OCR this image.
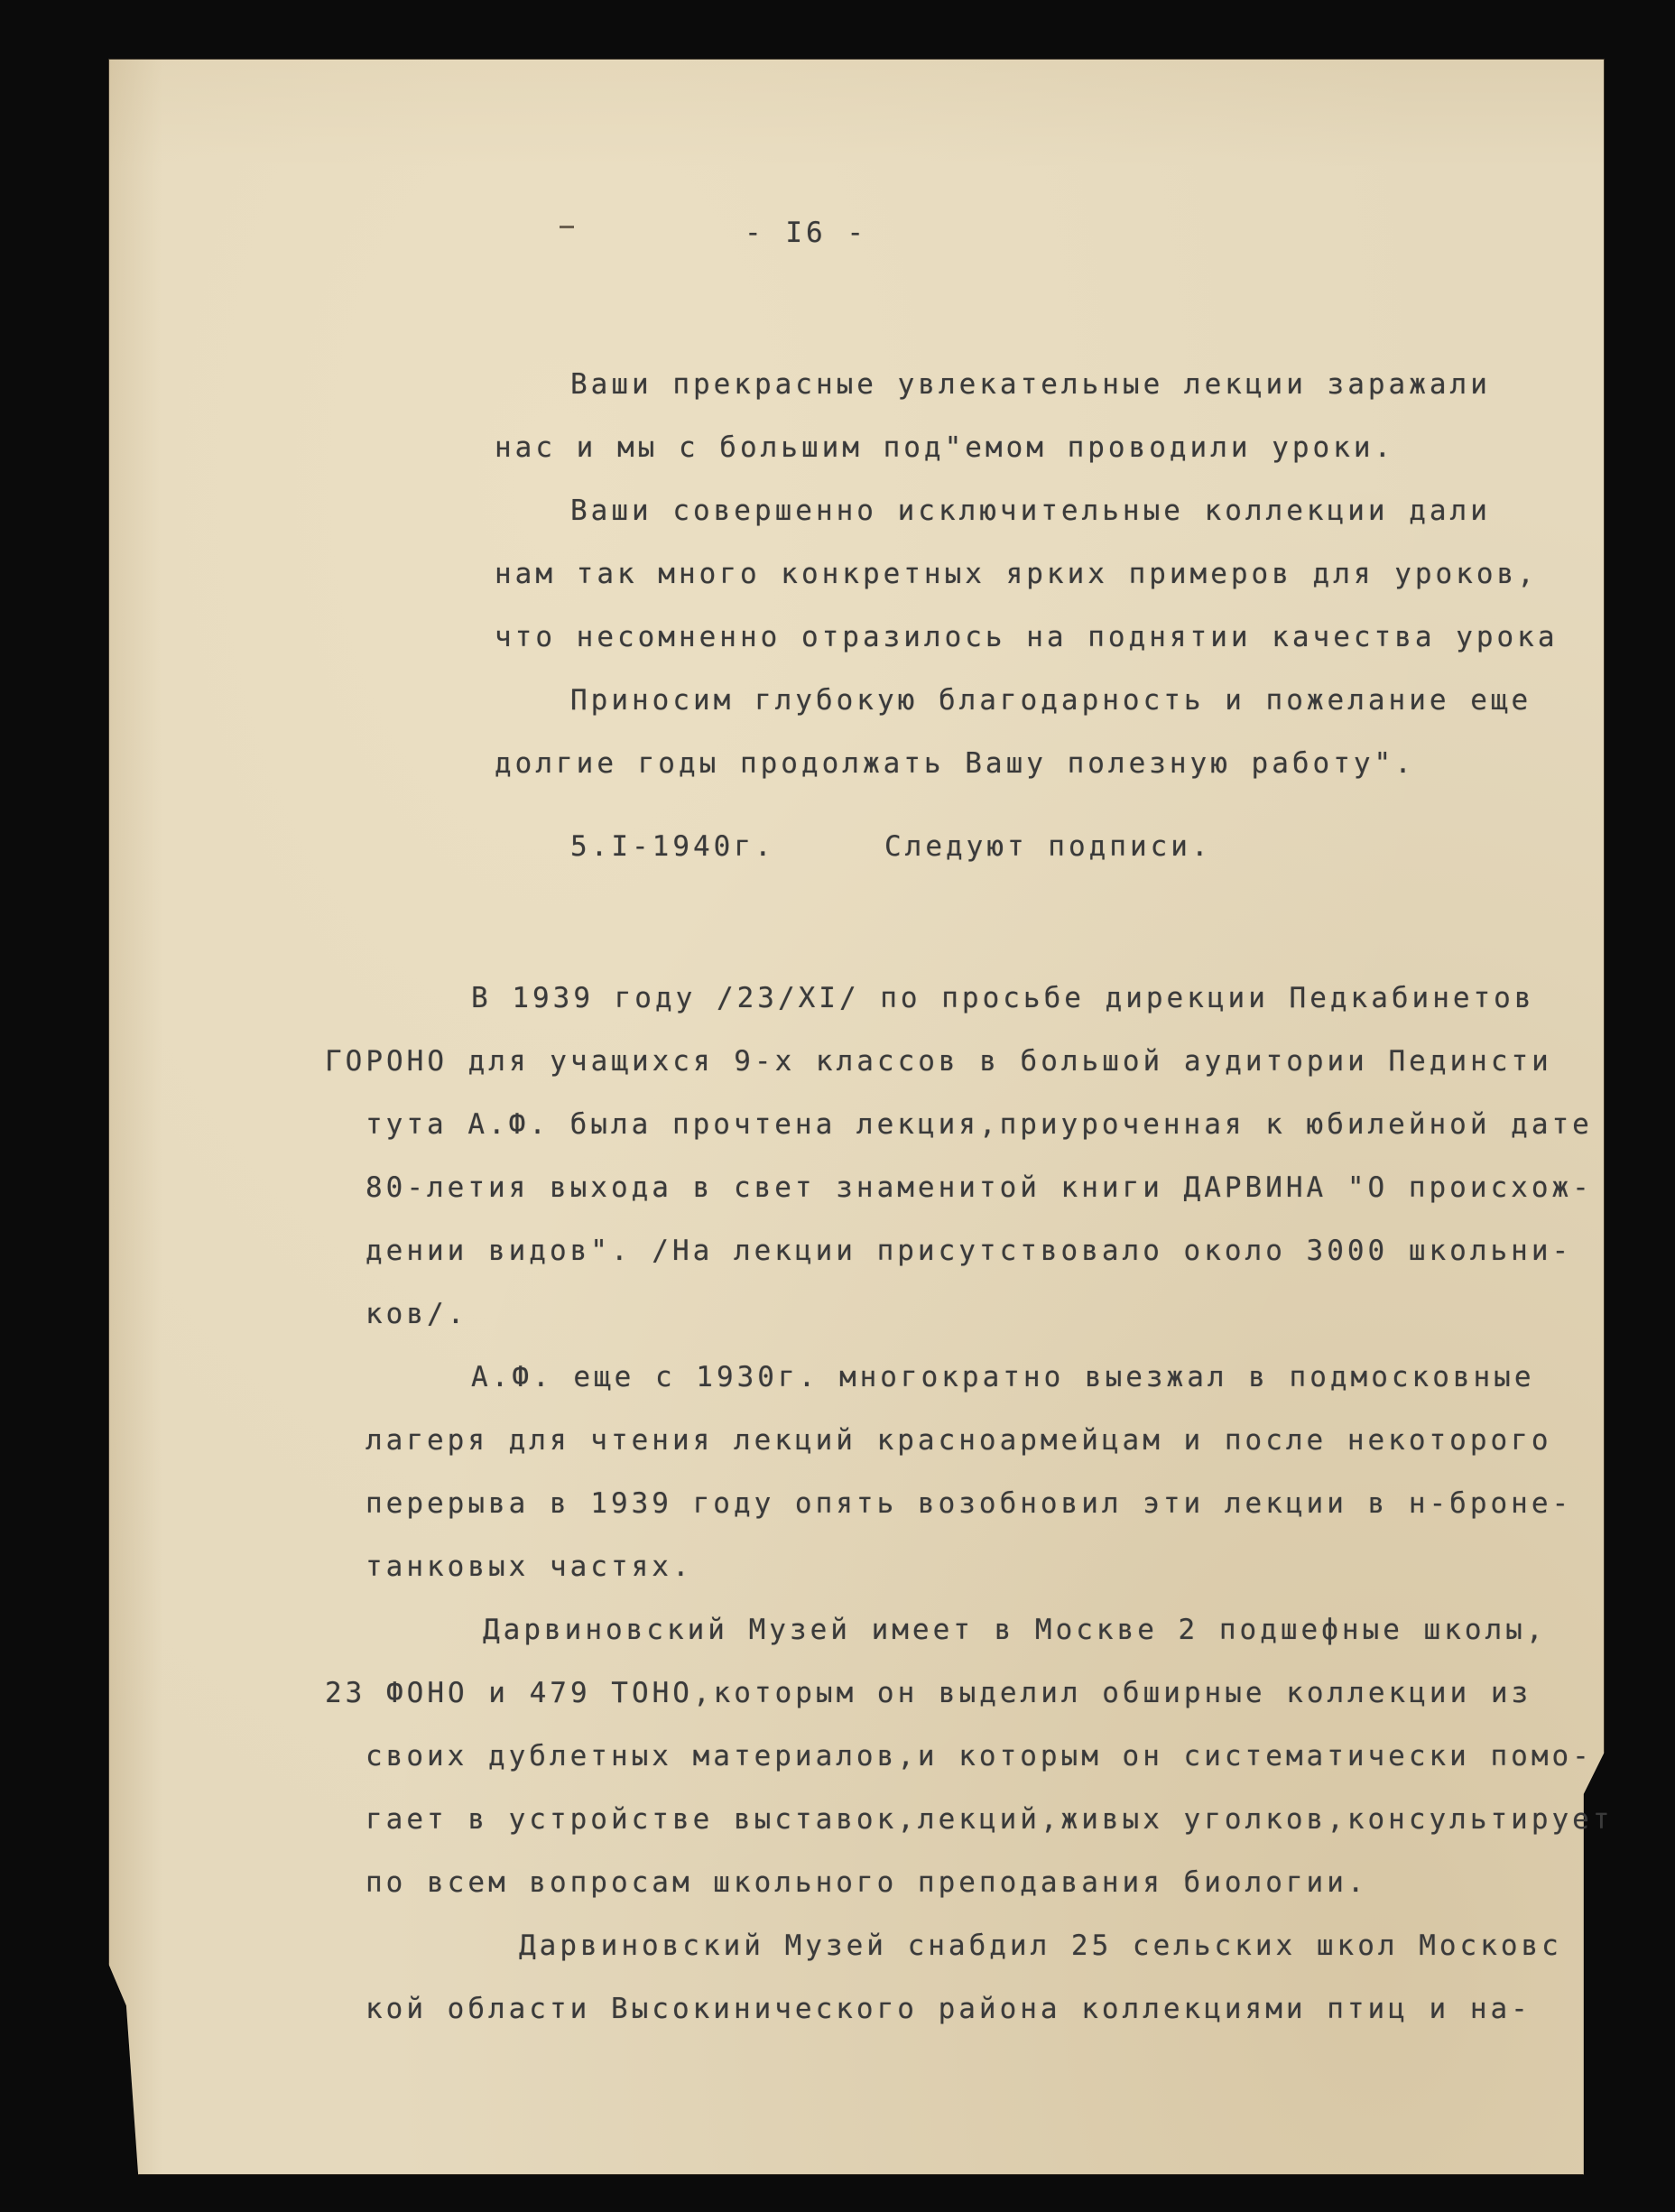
- I6 -
Ваши прекрасные увлекательные лекции заражали
нас и мы с большим под"емом проводили уроки.
Ваши совершенно исключительные коллекции дали
нам так много конкретных ярких примеров для уроков,
что несомненно отразилось на поднятии качества урока
Приносим глубокую благодарность и пожелание еще
долгие годы продолжать Вашу полезную работу".
5.I-1940г.	Следуют подписи.
В 1939 году /23/XI/ по просьбе дирекции Педкабинетов
ГОРОНО для учащихся 9-х классов в большой аудитории Пединсти
тута А.Ф. была прочтена лекция,приуроченная к юбилейной дате
80-летия выхода в свет знаменитой книги ДАРВИНА "О происхож-
дении видов". /На лекции присутствовало около 3000 школьни-
ков/.
А.Ф. еще с 1930г. многократно выезжал в подмосковные
лагеря для чтения лекций красноармейцам и после некоторого
перерыва в 1939 году опять возобновил эти лекции в н-броне-
танковых частях.
Дарвиновский Музей имеет в Москве 2 подшефные школы,
23 ФОНО и 479 ТОНО,которым он выделил обширные коллекции из
своих дублетных материалов,и которым он систематически помо-
гает в устройстве выставок,лекций,живых уголков,консультирует
по всем вопросам школьного преподавания биологии.
Дарвиновский Музей снабдил 25 сельских школ Московс
кой области Высокинического района коллекциями птиц и на-
